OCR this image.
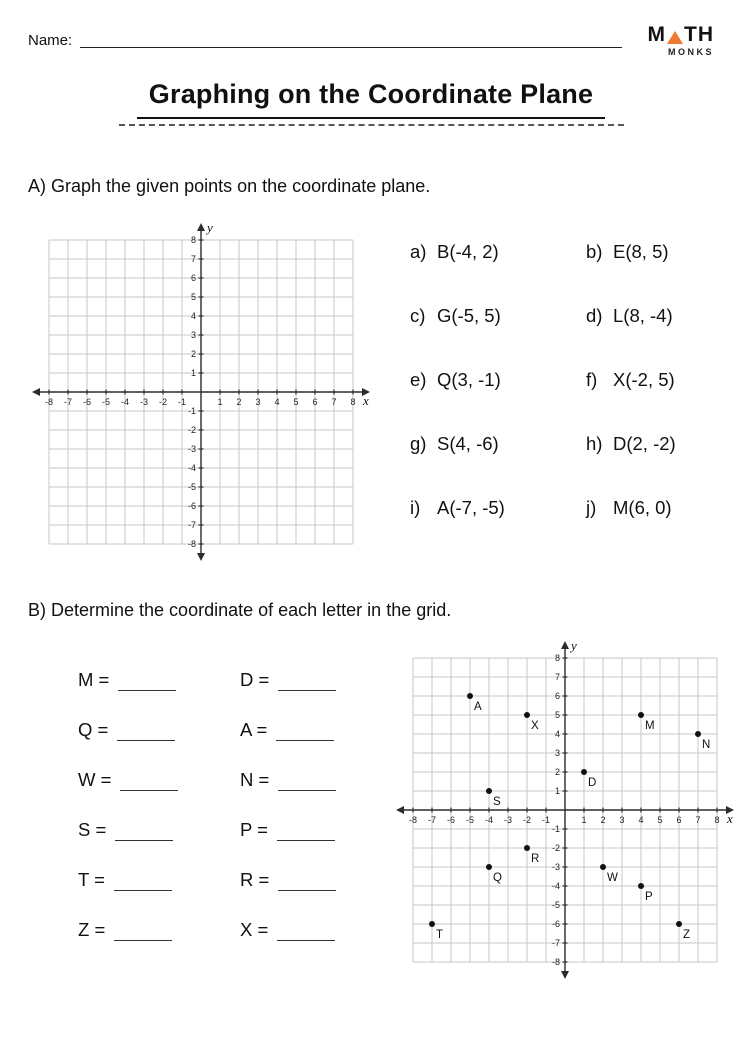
Name:	M TH
MONKS
Graphing on the Coordinate Plane
A) Graph the given points on the coordinate plane.
-8
-8
-7
-7
-6
-6
-5
-5
-4
-4
-3
-3
-2
-2
-1
-1
1
1
2
2
3
3
4
4
5
5
6
6
7
7
8
8
x
y
a) B(-4, 2)	b) E(8, 5)
c) G(-5, 5)	d) L(8, -4)
e) Q(3, -1)	f) X(-2, 5)
g) S(4, -6)	h) D(2, -2)
i) A(-7, -5)	j) M(6, 0)
B) Determine the coordinate of each letter in the grid.
M =	D =
Q =	A =
W =	N =
S =	P =
T =	R =
Z =	X =
-8
-8
-7
-7
-6
-6
-5
-5
-4
-4
-3
-3
-2
-2
-1
-1
1
1
2
2
3
3
4
4
5
5
6
6
7
7
8
8
x
y
A
X	M
N
D
S
R
Q	W
P
T	Z
